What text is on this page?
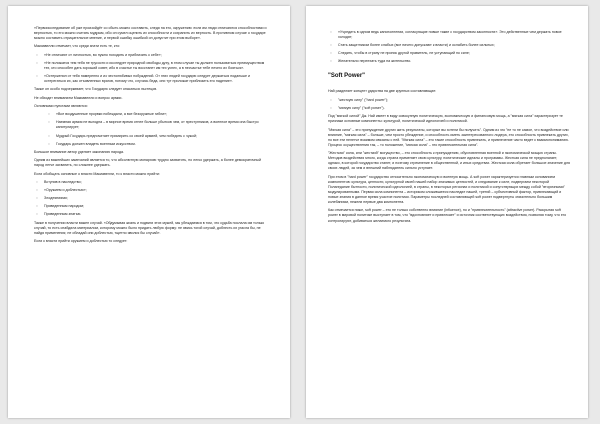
«Первоисследование об уже произойдёт со сбыть можно составить, следя на его, окружению: если им люди отличаются способностями и верностью, то его можно считать мудрым, ибо он сумел оценить их способности и сохранить их верность. В противном случае о государе можно составить отрицательное мнение, и первой ошибку ошибкой он допустит при этом выборе».

Макиавелли отмечает, что среди знати есть те, кто:

○ «Не отличают от личностью, во нужно походить и приблизить к себе»;
○ «Не положатся тем тебя не трусости и исследует природной свободы духу, в этом случае ты должен пользоваться преимуществом тех, кто способен дать хороший совет, ибо в счастье ты восстанет им тех успех, а в несчастье тебе нечего их бояться».
○ «Остерженил от тебя намеренно и из честолюбивых побуждений. От этих людей государю следует держаться подальше и остерегаться их, как отъявленных врагов, потому что, случись беда, они тут приложат приблизить его падение».

Также он особо подчеркивает, что Государю следует опасаться льстецов.

Не обходит вниманием Макиавелли и вопрос армии.

Основными пунктами являются:

○ «Все воздушенные прорвки побеждали, а все безоружные гибли»;
○ Наемная армия не выгодна – в мирное время отнее больше убытков чем, от преступников, а военное время она быстро капитулирует;
○ Мудрый Государь предпочитает примирить со своей армией, чем победить с чужой;
○ Государь должен владеть военным искусством.

Большое внимание автор уделяет законанию народа.

Одним из важнейших замечаний является то, что абсолютную монархию трудно захватить, но легко удержать, а более демократичный народ легче захватить, но сложнее удержать.

Если обобщать основные о власти Макиавелли, то к власти можно прийти:

○ Вступив в наследство;
○ «Оружием и доблестью»;
○ Злодеяниями;
○ Приведенным народом;
○ Приведенным знатью.

Также в получении власти важен случай. «Обдумывая жизнь и подвиги этих мужей, мы убеждаемся в том, что судьба послала им только случай, то есть снабдила материалом, которому можно было придать любую форму: не явись тогой случай, доблесть их угасла бы, не найдя применения; не обладай они доблестью, тщетно явился бы случай».

Если к власти прийти оружием и доблестью то следует:

○ «Учредить в одном ведь кансполнении, согласующие новые такие с государством законности». Это действенные чем держать новое холодят;
○ Стать защитником более слабых (все ничего допускают к власти) и ослабить более сильных;
○ Следить, чтобы в страну не проник другой правитель, не уступающий по силе;
○ Желательно переехать туда на жительство.
"Soft Power"

Най разделяет концепт ударства на две крупных составляющие:

○ "жесткую силу" ("hard power");
○ "мягкую силу" ("soft power").

Под "мягкой силой" Дж. Най имеет в виду совокупную политическую, экономическую и финансовую мощь, а "мягкая сила" характеризует те признаки основные компоненты: культурой, политической идеологией и политикой.

"Мягкая сила" – это принуждение других жить результаты, которые вы хотели бы получить". Одним из эго "не то не самое, что воздействие или влияние, "мягкая сила" – больше, чем просто убеждение, и способность иметь заинтересованного лидера, это способность привлекать других, но все эти нелегче взаимом связаны с ней. "Мягкая сила" – это такие способность привлекать, и привлечение часто ведет к взаимопониманию. Процесс осуществления так, – то положение, "мягкая сила" – это привлекательная сила".

"Жесткая" сила, или "жесткий" могущество, – это способность к принуждению, обусловленная военной и экономической мощью страны. Методов воздействия много, когда страна применяет свою культуру, политические идеалы и программы. Жесткая сила не предполагает, однако, в которой государство станет, и поэтому стремление в общественной, и иных средствах. Жесткая сила обретает большое значение для своих людей, за чем и внешний наблюдатель сильно уступает.

При этом в "hard power" государство относительно экономическую и военную мощь. А soft power характеризуется главным основанием компонентов: культура, ценности, культурной своей нашей набор значимых ценностей, и следование к силе, подвергаем некоторой Полагедание бытности, политической идеологией, в страны, в некоторых регионах и политикой и сопутствующих между собой "вторичными" модулированными. Первая сила компонента – историком сложившееся наследие нашей, третий – субъективный фактор, привлекающий и новые знания в данное время участие политики. Параметры последней составляющей soft power подвергнуты значительно большим колебаниям, нежели первые два компонента.

Как отмечается ниже, soft power – это не только собственно влияние (influence), но и "привлекательность" (attractive power). Раскрытая soft power в мировой политике выступает в том, что "вдохновляет и привлекает" и источник соответствующих воздействия, позволяя тому, что его контролируют, добиваться желаемого результата.
